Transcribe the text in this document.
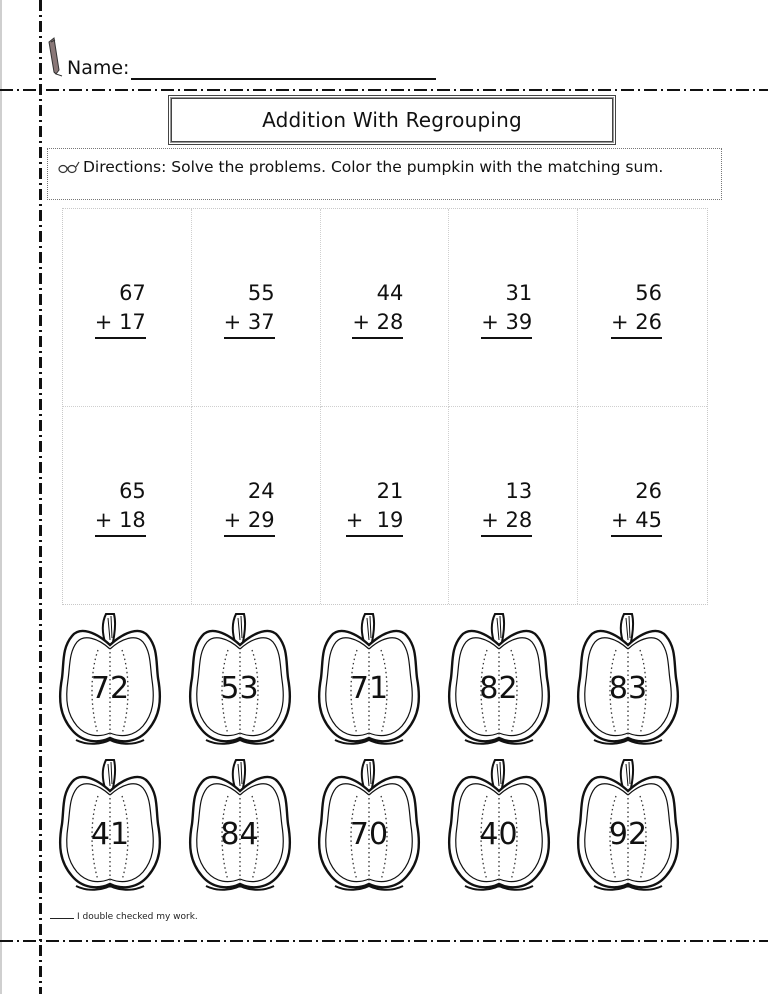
Name:
Addition With Regrouping
Directions: Solve the problems. Color the pumpkin with the matching sum.
67
+ 17
55
+ 37
44
+ 28
31
+ 39
56
+ 26
65
+ 18
24
+ 29
21
+  19
13
+ 28
26
+ 45
72	53	71	82	83
41	84	70	40	92
I double checked my work.
